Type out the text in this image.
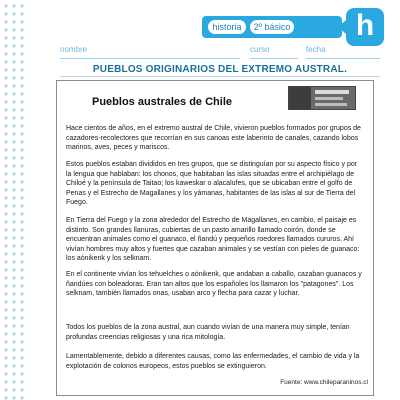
historia	2º básico	h
nombre	curso	fecha
PUEBLOS ORIGINARIOS DEL EXTREMO AUSTRAL.
Pueblos australes de Chile
Hace cientos de años, en el extremo austral de Chile, vivieron pueblos formados por grupos de cazadores-recolectores que recorrían en sus canoas este laberinto de canales, cazando lobos marinos, aves, peces y mariscos.
Estos pueblos estaban divididos en tres grupos, que se distinguían por su aspecto físico y por la lengua que hablaban: los chonos, que habitaban las islas situadas entre el archipiélago de Chiloé y la península de Taitao; los kaweskar o alacalufes, que se ubicaban entre el golfo de Penas y el Estrecho de Magallanes y los yámanas, habitantes de las islas al sur de Tierra del Fuego.
En Tierra del Fuego y la zona alrededor del Estrecho de Magallanes, en cambio, el paisaje es distinto. Son grandes llanuras, cubiertas de un pasto amarillo llamado coirón, donde se encuentran animales como el guanaco, el ñandú y pequeños roedores llamados cururos. Ahí vivían hombres muy altos y fuertes que cazaban animales y se vestían con pieles de guanaco: los aónikenk y los selknam.
En el continente vivían los tehuelches o aónikenk, que andaban a caballo, cazaban guanacos y ñandúes con boleadoras. Eran tan altos que los españoles los llamaron los "patagones". Los selknam, también llamados onas, usaban arco y flecha para cazar y luchar.
Todos los pueblos de la zona austral, aun cuando vivían de una manera muy simple, tenían profundas creencias religiosas y una rica mitología.
Lamentablemente, debido a diferentes causas, como las enfermedades, el cambio de vida y la explotación de colonos europeos, estos pueblos se extinguieron.
Fuente: www.chileparaninos.cl
